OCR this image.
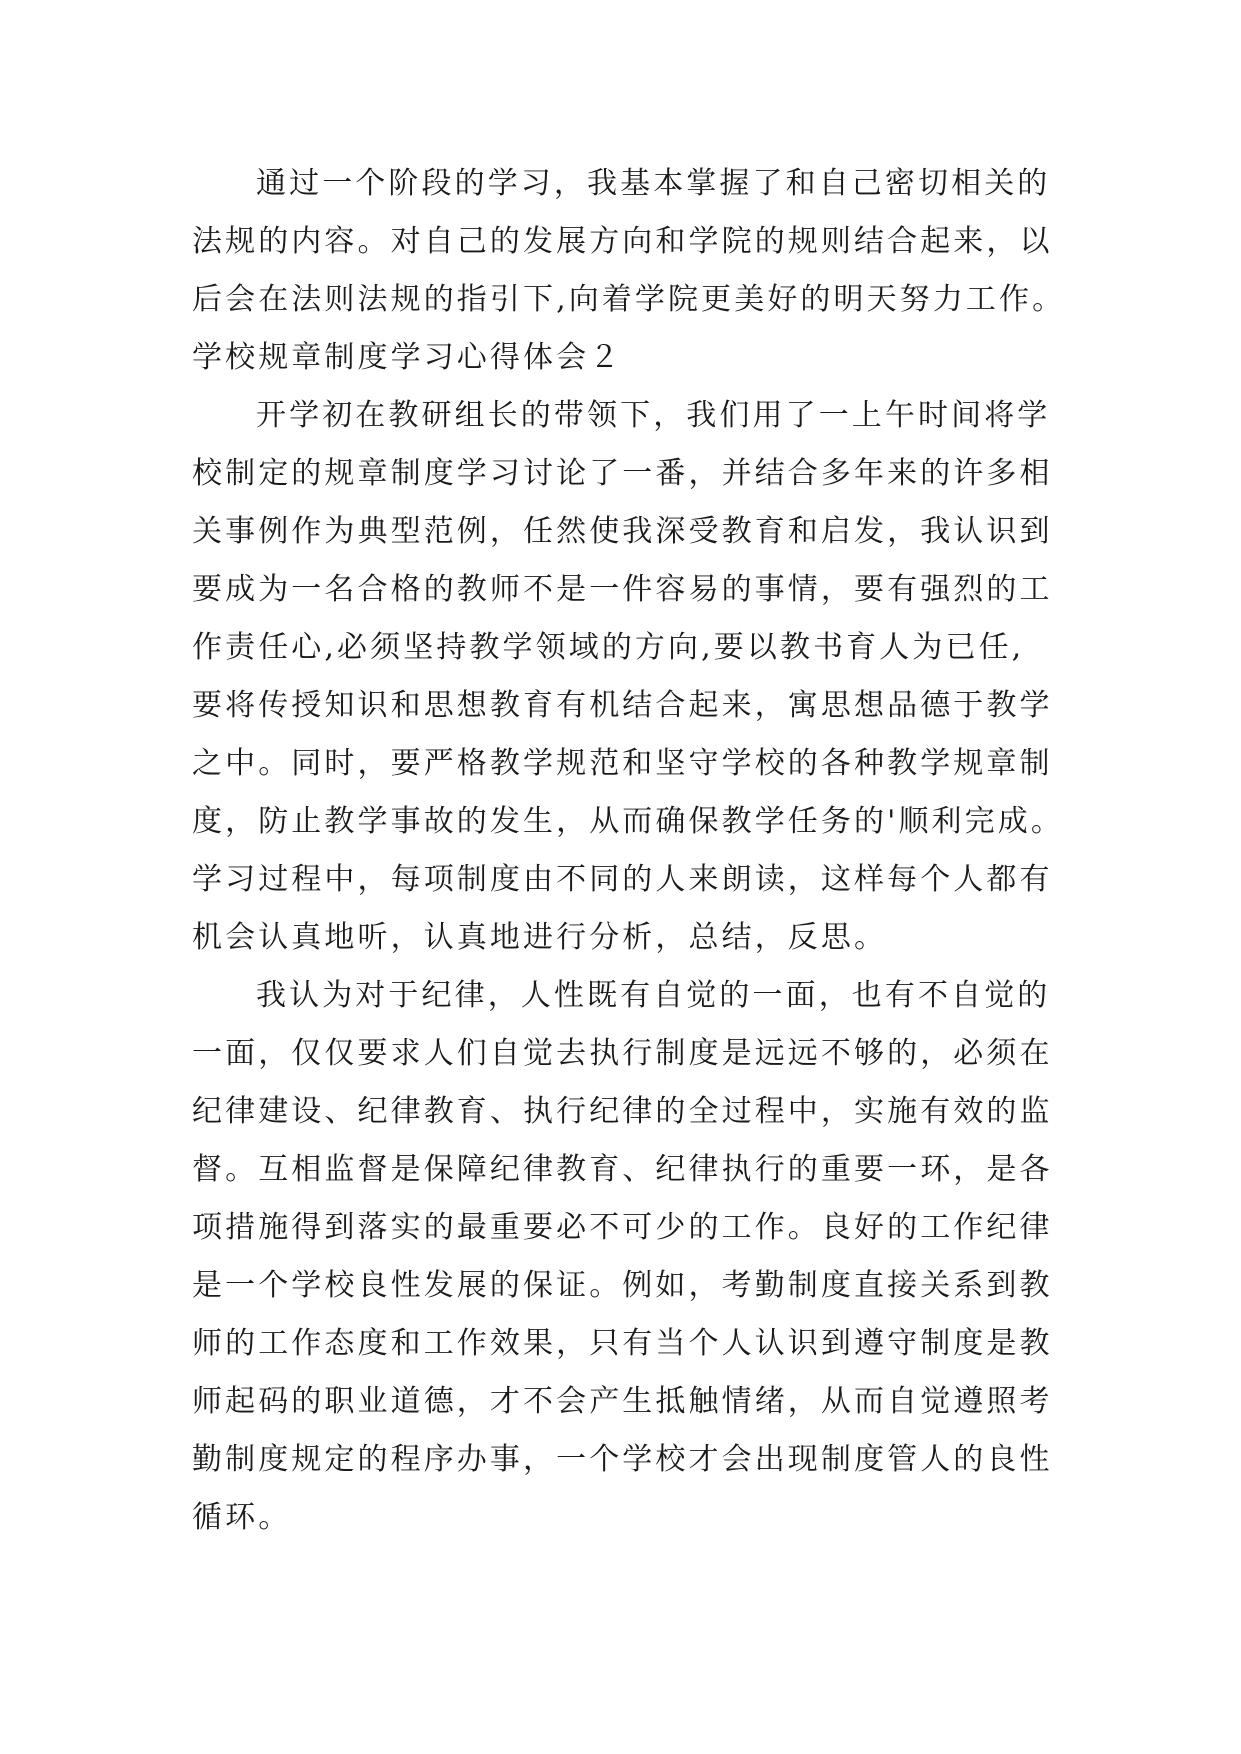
通过一个阶段的学习，我基本掌握了和自己密切相关的
法规的内容。对自己的发展方向和学院的规则结合起来，以
后会在法则法规的指引下,向着学院更美好的明天努力工作。
学校规章制度学习心得体会２
开学初在教研组长的带领下，我们用了一上午时间将学
校制定的规章制度学习讨论了一番，并结合多年来的许多相
关事例作为典型范例，任然使我深受教育和启发，我认识到
要成为一名合格的教师不是一件容易的事情，要有强烈的工
作责任心,必须坚持教学领域的方向,要以教书育人为已任,
要将传授知识和思想教育有机结合起来，寓思想品德于教学
之中。同时，要严格教学规范和坚守学校的各种教学规章制
度，防止教学事故的发生，从而确保教学任务的'顺利完成。
学习过程中，每项制度由不同的人来朗读，这样每个人都有
机会认真地听，认真地进行分析，总结，反思。
我认为对于纪律，人性既有自觉的一面，也有不自觉的
一面，仅仅要求人们自觉去执行制度是远远不够的，必须在
纪律建设、纪律教育、执行纪律的全过程中，实施有效的监
督。互相监督是保障纪律教育、纪律执行的重要一环，是各
项措施得到落实的最重要必不可少的工作。良好的工作纪律
是一个学校良性发展的保证。例如，考勤制度直接关系到教
师的工作态度和工作效果，只有当个人认识到遵守制度是教
师起码的职业道德，才不会产生抵触情绪，从而自觉遵照考
勤制度规定的程序办事，一个学校才会出现制度管人的良性
循环。
